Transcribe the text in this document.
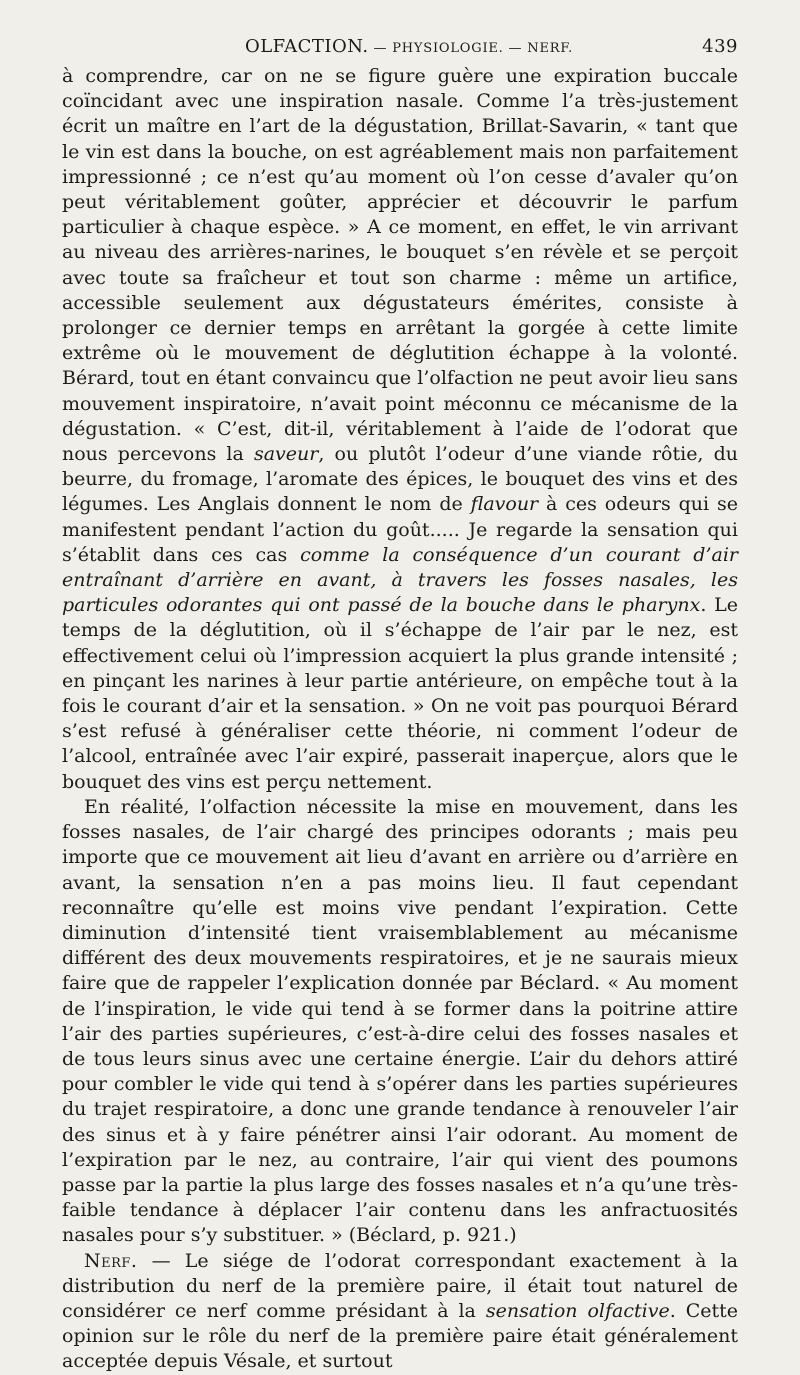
OLFACTION. — PHYSIOLOGIE. — NERF.	439

à comprendre, car on ne se figure guère une expiration buccale coïncidant avec une inspiration nasale. Comme l’a très-justement écrit un maître en l’art de la dégustation, Brillat-Savarin, « tant que le vin est dans la bouche, on est agréablement mais non parfaitement impressionné ; ce n’est qu’au moment où l’on cesse d’avaler qu’on peut véritablement goûter, apprécier et découvrir le parfum particulier à chaque espèce. » A ce moment, en effet, le vin arrivant au niveau des arrières-narines, le bouquet s’en révèle et se perçoit avec toute sa fraîcheur et tout son charme : même un artifice, accessible seulement aux dégustateurs émérites, consiste à prolonger ce dernier temps en arrêtant la gorgée à cette limite extrême où le mouvement de déglutition échappe à la volonté. Bérard, tout en étant convaincu que l’olfaction ne peut avoir lieu sans mouvement inspiratoire, n’avait point méconnu ce mécanisme de la dégustation. « C’est, dit-il, véritablement à l’aide de l’odorat que nous percevons la saveur, ou plutôt l’odeur d’une viande rôtie, du beurre, du fromage, l’aromate des épices, le bouquet des vins et des légumes. Les Anglais donnent le nom de flavour à ces odeurs qui se manifestent pendant l’action du goût..... Je regarde la sensation qui s’établit dans ces cas comme la conséquence d’un courant d’air entraînant d’arrière en avant, à travers les fosses nasales, les particules odorantes qui ont passé de la bouche dans le pharynx. Le temps de la déglutition, où il s’échappe de l’air par le nez, est effectivement celui où l’impression acquiert la plus grande intensité ; en pinçant les narines à leur partie antérieure, on empêche tout à la fois le courant d’air et la sensation. » On ne voit pas pourquoi Bérard s’est refusé à généraliser cette théorie, ni comment l’odeur de l’alcool, entraînée avec l’air expiré, passerait inaperçue, alors que le bouquet des vins est perçu nettement.

En réalité, l’olfaction nécessite la mise en mouvement, dans les fosses nasales, de l’air chargé des principes odorants ; mais peu importe que ce mouvement ait lieu d’avant en arrière ou d’arrière en avant, la sensation n’en a pas moins lieu. Il faut cependant reconnaître qu’elle est moins vive pendant l’expiration. Cette diminution d’intensité tient vraisemblablement au mécanisme différent des deux mouvements respiratoires, et je ne saurais mieux faire que de rappeler l’explication donnée par Béclard. « Au moment de l’inspiration, le vide qui tend à se former dans la poitrine attire l’air des parties supérieures, c’est-à-dire celui des fosses nasales et de tous leurs sinus avec une certaine énergie. L’air du dehors attiré pour combler le vide qui tend à s’opérer dans les parties supérieures du trajet respiratoire, a donc une grande tendance à renouveler l’air des sinus et à y faire pénétrer ainsi l’air odorant. Au moment de l’expiration par le nez, au contraire, l’air qui vient des poumons passe par la partie la plus large des fosses nasales et n’a qu’une très-faible tendance à déplacer l’air contenu dans les anfractuosités nasales pour s’y substituer. » (Béclard, p. 921.)

Nerf. — Le siége de l’odorat correspondant exactement à la distribution du nerf de la première paire, il était tout naturel de considérer ce nerf comme présidant à la sensation olfactive. Cette opinion sur le rôle du nerf de la première paire était généralement acceptée depuis Vésale, et surtout
